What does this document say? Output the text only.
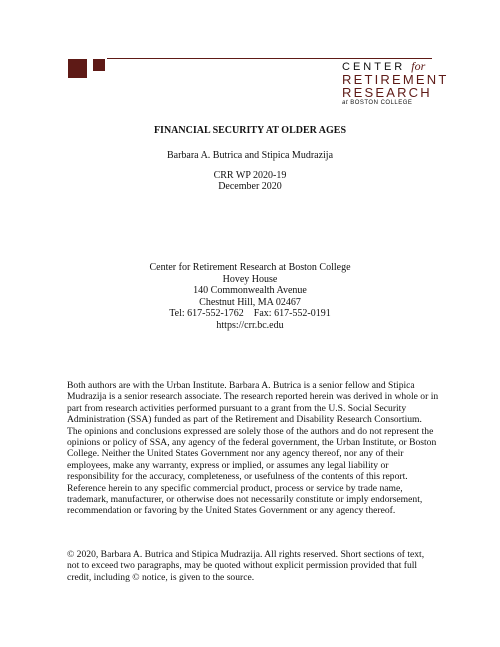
CENTER for
RETIREMENT
RESEARCH
at BOSTON COLLEGE
FINANCIAL SECURITY AT OLDER AGES
Barbara A. Butrica and Stipica Mudrazija
CRR WP 2020-19
December 2020
Center for Retirement Research at Boston College
Hovey House
140 Commonwealth Avenue
Chestnut Hill, MA 02467
Tel: 617-552-1762    Fax: 617-552-0191
https://crr.bc.edu
Both authors are with the Urban Institute. Barbara A. Butrica is a senior fellow and Stipica
Mudrazija is a senior research associate. The research reported herein was derived in whole or in
part from research activities performed pursuant to a grant from the U.S. Social Security
Administration (SSA) funded as part of the Retirement and Disability Research Consortium.
The opinions and conclusions expressed are solely those of the authors and do not represent the
opinions or policy of SSA, any agency of the federal government, the Urban Institute, or Boston
College. Neither the United States Government nor any agency thereof, nor any of their
employees, make any warranty, express or implied, or assumes any legal liability or
responsibility for the accuracy, completeness, or usefulness of the contents of this report.
Reference herein to any specific commercial product, process or service by trade name,
trademark, manufacturer, or otherwise does not necessarily constitute or imply endorsement,
recommendation or favoring by the United States Government or any agency thereof.
© 2020, Barbara A. Butrica and Stipica Mudrazija. All rights reserved. Short sections of text,
not to exceed two paragraphs, may be quoted without explicit permission provided that full
credit, including © notice, is given to the source.
